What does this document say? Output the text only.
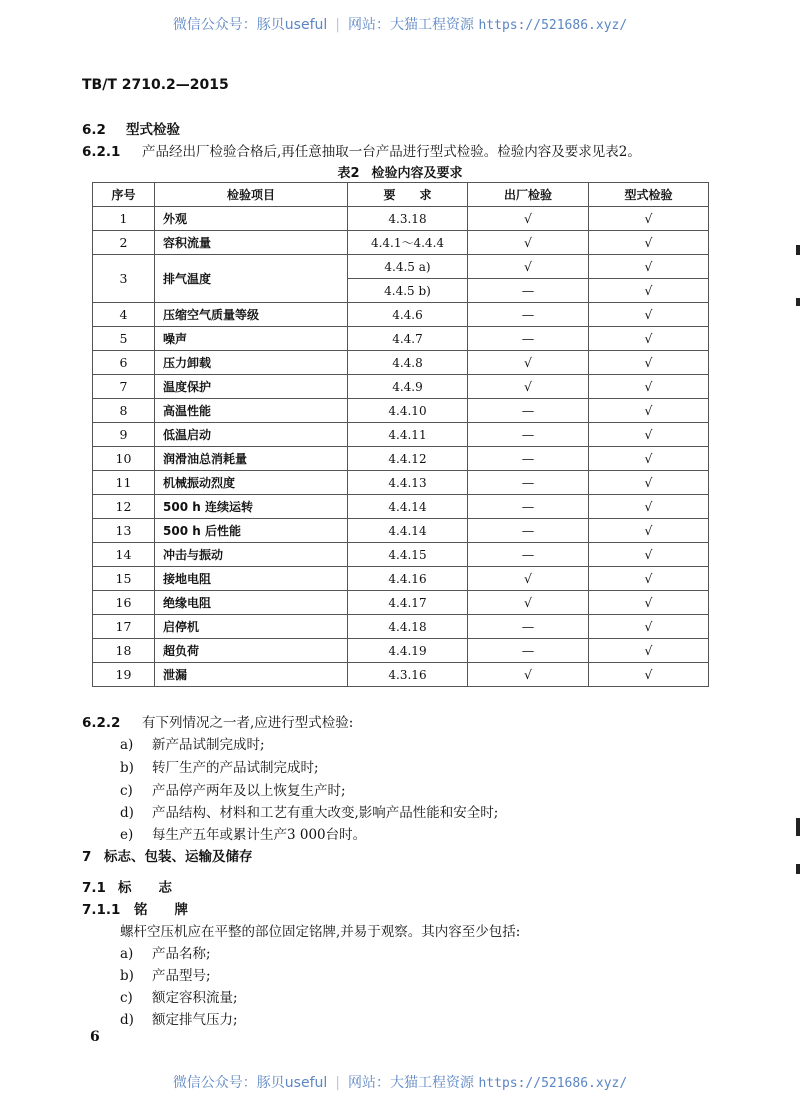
微信公众号：豚贝useful | 网站：大猫工程资源 https://521686.xyz/
TB/T 2710.2—2015
6.2 型式检验
6.2.1 产品经出厂检验合格后,再任意抽取一台产品进行型式检验。检验内容及要求见表2。
表2 检验内容及要求
序号	检验项目	要　　求	出厂检验	型式检验
1	外观	4.3.18	√	√
2	容积流量	4.4.1～4.4.4	√	√
3	排气温度	4.4.5 a)	√	√
		4.4.5 b)	—	√
4	压缩空气质量等级	4.4.6	—	√
5	噪声	4.4.7	—	√
6	压力卸载	4.4.8	√	√
7	温度保护	4.4.9	√	√
8	高温性能	4.4.10	—	√
9	低温启动	4.4.11	—	√
10	润滑油总消耗量	4.4.12	—	√
11	机械振动烈度	4.4.13	—	√
12	500 h 连续运转	4.4.14	—	√
13	500 h 后性能	4.4.14	—	√
14	冲击与振动	4.4.15	—	√
15	接地电阻	4.4.16	√	√
16	绝缘电阻	4.4.17	√	√
17	启停机	4.4.18	—	√
18	超负荷	4.4.19	—	√
19	泄漏	4.3.16	√	√
6.2.2 有下列情况之一者,应进行型式检验:
a) 新产品试制完成时;
b) 转厂生产的产品试制完成时;
c) 产品停产两年及以上恢复生产时;
d) 产品结构、材料和工艺有重大改变,影响产品性能和安全时;
e) 每生产五年或累计生产3 000台时。
7 标志、包装、运输及储存
7.1 标　　志
7.1.1 铭　　牌
螺杆空压机应在平整的部位固定铭牌,并易于观察。其内容至少包括:
a) 产品名称;
b) 产品型号;
c) 额定容积流量;
d) 额定排气压力;
6
微信公众号：豚贝useful | 网站：大猫工程资源 https://521686.xyz/
